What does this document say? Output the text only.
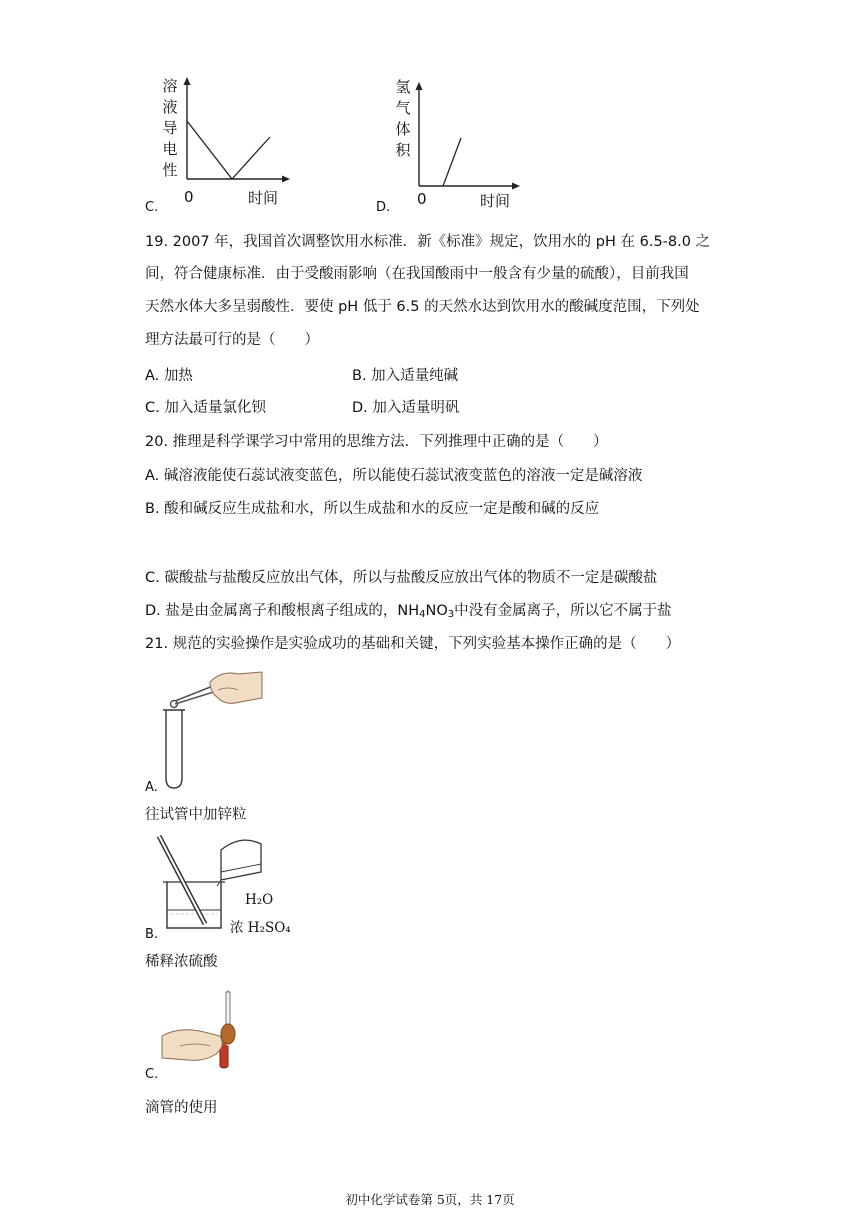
溶
液
导
电
性
0	时间
C.
氢
气
体
积
0	时间
D.
19. 2007 年，我国首次调整饮用水标准．新《标准》规定，饮用水的 pH 在 6.5-8.0 之
间，符合健康标准．由于受酸雨影响（在我国酸雨中一般含有少量的硫酸），目前我国
天然水体大多呈弱酸性．要使 pH 低于 6.5 的天然水达到饮用水的酸碱度范围，下列处
理方法最可行的是（　　）
A. 加热	B. 加入适量纯碱
C. 加入适量氯化钡	D. 加入适量明矾
20. 推理是科学课学习中常用的思维方法．下列推理中正确的是（　　）
A. 碱溶液能使石蕊试液变蓝色，所以能使石蕊试液变蓝色的溶液一定是碱溶液
B. 酸和碱反应生成盐和水，所以生成盐和水的反应一定是酸和碱的反应
C. 碳酸盐与盐酸反应放出气体，所以与盐酸反应放出气体的物质不一定是碳酸盐
D. 盐是由金属离子和酸根离子组成的，$NH_4NO_3$中没有金属离子，所以它不属于盐
21. 规范的实验操作是实验成功的基础和关键，下列实验基本操作正确的是（　　）
A.
往试管中加锌粒
H₂O
浓 H₂SO₄
B.
稀释浓硫酸
C.
滴管的使用
初中化学试卷第 5页，共 17页
